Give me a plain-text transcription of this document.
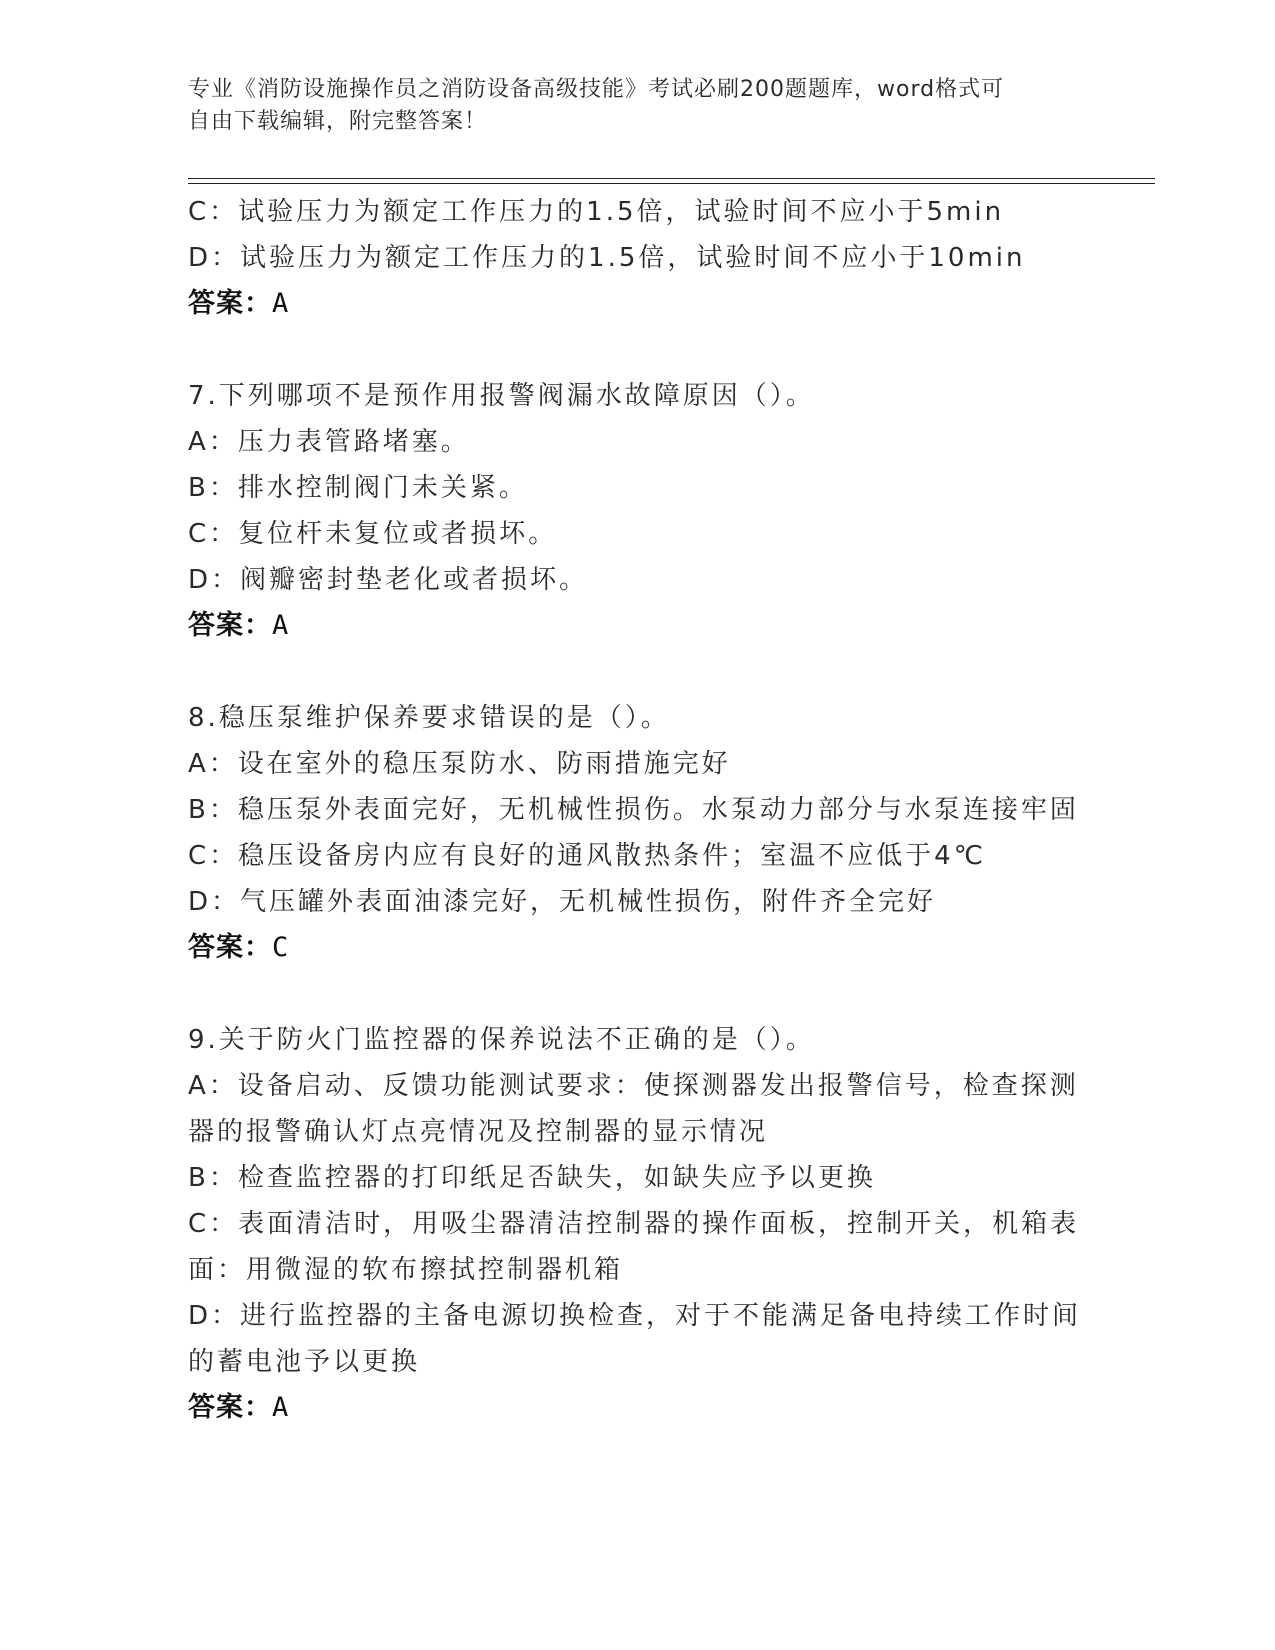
专业《消防设施操作员之消防设备高级技能》考试必刷200题题库，word格式可
自由下载编辑，附完整答案！
C：试验压力为额定工作压力的1.5倍，试验时间不应小于5min
D：试验压力为额定工作压力的1.5倍，试验时间不应小于10min
答案：A
7.下列哪项不是预作用报警阀漏水故障原因（）。
A：压力表管路堵塞。
B：排水控制阀门未关紧。
C：复位杆未复位或者损坏。
D：阀瓣密封垫老化或者损坏。
答案：A
8.稳压泵维护保养要求错误的是（）。
A：设在室外的稳压泵防水、防雨措施完好
B：稳压泵外表面完好，无机械性损伤。水泵动力部分与水泵连接牢固
C：稳压设备房内应有良好的通风散热条件；室温不应低于4℃
D：气压罐外表面油漆完好，无机械性损伤，附件齐全完好
答案：C
9.关于防火门监控器的保养说法不正确的是（）。
A：设备启动、反馈功能测试要求：使探测器发出报警信号，检查探测
器的报警确认灯点亮情况及控制器的显示情况
B：检查监控器的打印纸足否缺失，如缺失应予以更换
C：表面清洁时，用吸尘器清洁控制器的操作面板，控制开关，机箱表
面：用微湿的软布擦拭控制器机箱
D：进行监控器的主备电源切换检查，对于不能满足备电持续工作时间
的蓄电池予以更换
答案：A
